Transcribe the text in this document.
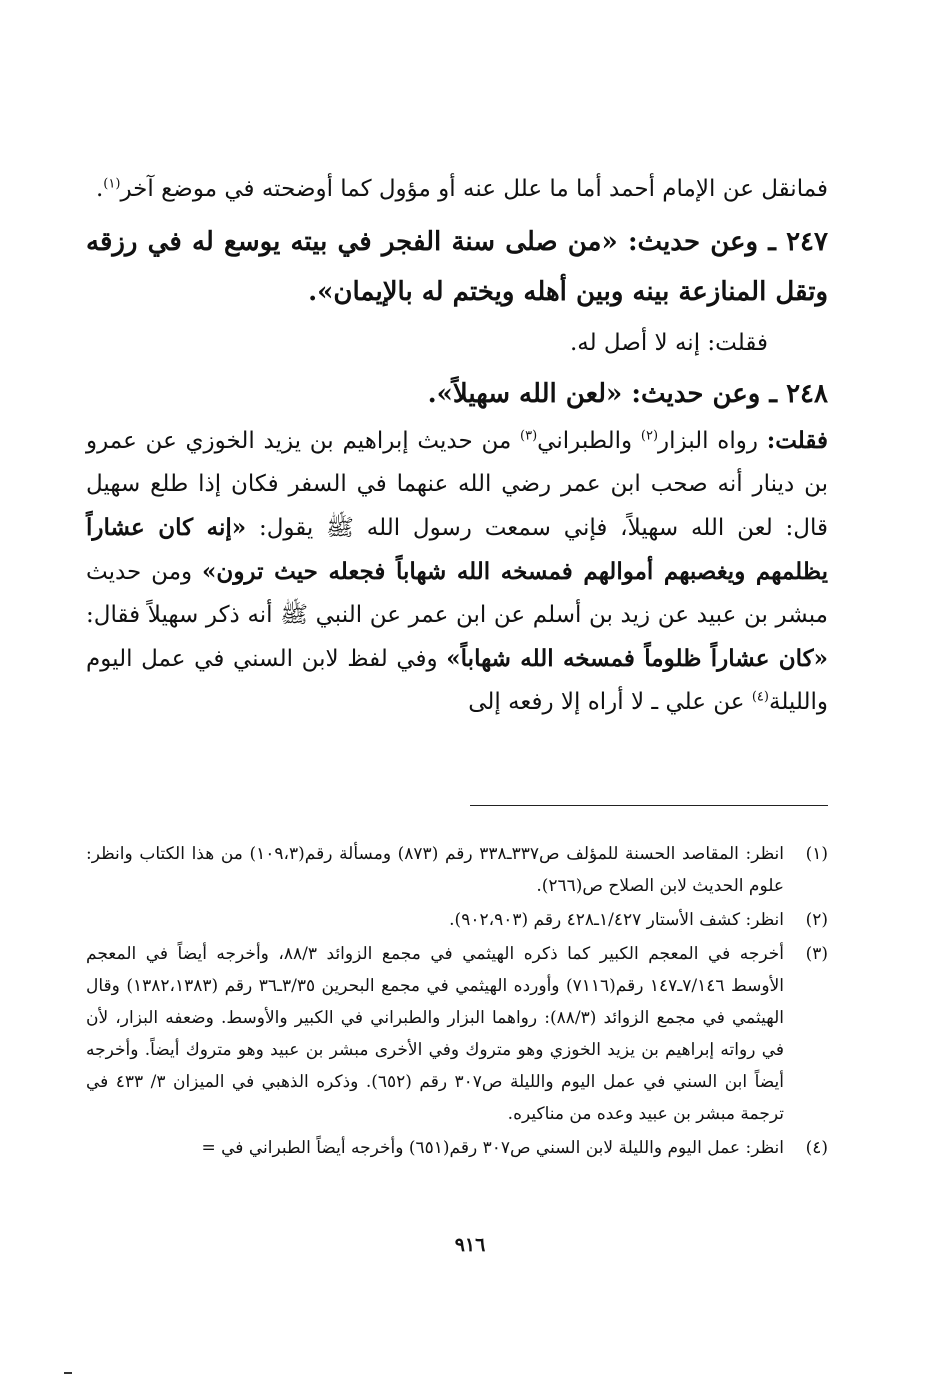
فمانقل عن الإمام أحمد أما ما علل عنه أو مؤول كما أوضحته في موضع آخر$^{(١)}$.

٢٤٧ ـ وعن حديث: «من صلى سنة الفجر في بيته يوسع له في رزقه وتقل المنازعة بينه وبين أهله ويختم له بالإيمان».

فقلت: إنه لا أصل له.

٢٤٨ ـ وعن حديث: «لعن الله سهيلاً».

فقلت: رواه البزار$^{(٢)}$ والطبراني$^{(٣)}$ من حديث إبراهيم بن يزيد الخوزي عن عمرو بن دينار أنه صحب ابن عمر رضي الله عنهما في السفر فكان إذا طلع سهيل قال: لعن الله سهيلاً، فإني سمعت رسول الله ﷺ يقول: «إنه كان عشاراً يظلمهم ويغصبهم أموالهم فمسخه الله شهاباً فجعله حيث ترون» ومن حديث مبشر بن عبيد عن زيد بن أسلم عن ابن عمر عن النبي ﷺ أنه ذكر سهيلاً فقال: «كان عشاراً ظلوماً فمسخه الله شهاباً» وفي لفظ لابن السني في عمل اليوم والليلة$^{(٤)}$ عن علي ـ لا أراه إلا رفعه إلى

(١)
انظر: المقاصد الحسنة للمؤلف ص٣٣٧ـ٣٣٨ رقم (٨٧٣) ومسألة رقم(١٠٩،٣) من هذا الكتاب وانظر: علوم الحديث لابن الصلاح ص(٢٦٦).
(٢)
انظر: كشف الأستار ١/٤٢٧ـ٤٢٨ رقم (٩٠٢،٩٠٣).
(٣)
أخرجه في المعجم الكبير كما ذكره الهيثمي في مجمع الزوائد ٨٨/٣، وأخرجه أيضاً في المعجم الأوسط ٧/١٤٦ـ١٤٧ رقم(٧١١٦) وأورده الهيثمي في مجمع البحرين ٣/٣٥ـ٣٦ رقم (١٣٨٢،١٣٨٣) وقال الهيثمي في مجمع الزوائد (٨٨/٣): رواهما البزار والطبراني في الكبير والأوسط. وضعفه البزار، لأن في رواته إبراهيم بن يزيد الخوزي وهو متروك وفي الأخرى مبشر بن عبيد وهو متروك أيضاً. وأخرجه أيضاً ابن السني في عمل اليوم والليلة ص٣٠٧ رقم (٦٥٢). وذكره الذهبي في الميزان ٣/ ٤٣٣ في ترجمة مبشر بن عبيد وعده من مناكيره.
(٤)
انظر: عمل اليوم والليلة لابن السني ص٣٠٧ رقم(٦٥١) وأخرجه أيضاً الطبراني في =
٩١٦
